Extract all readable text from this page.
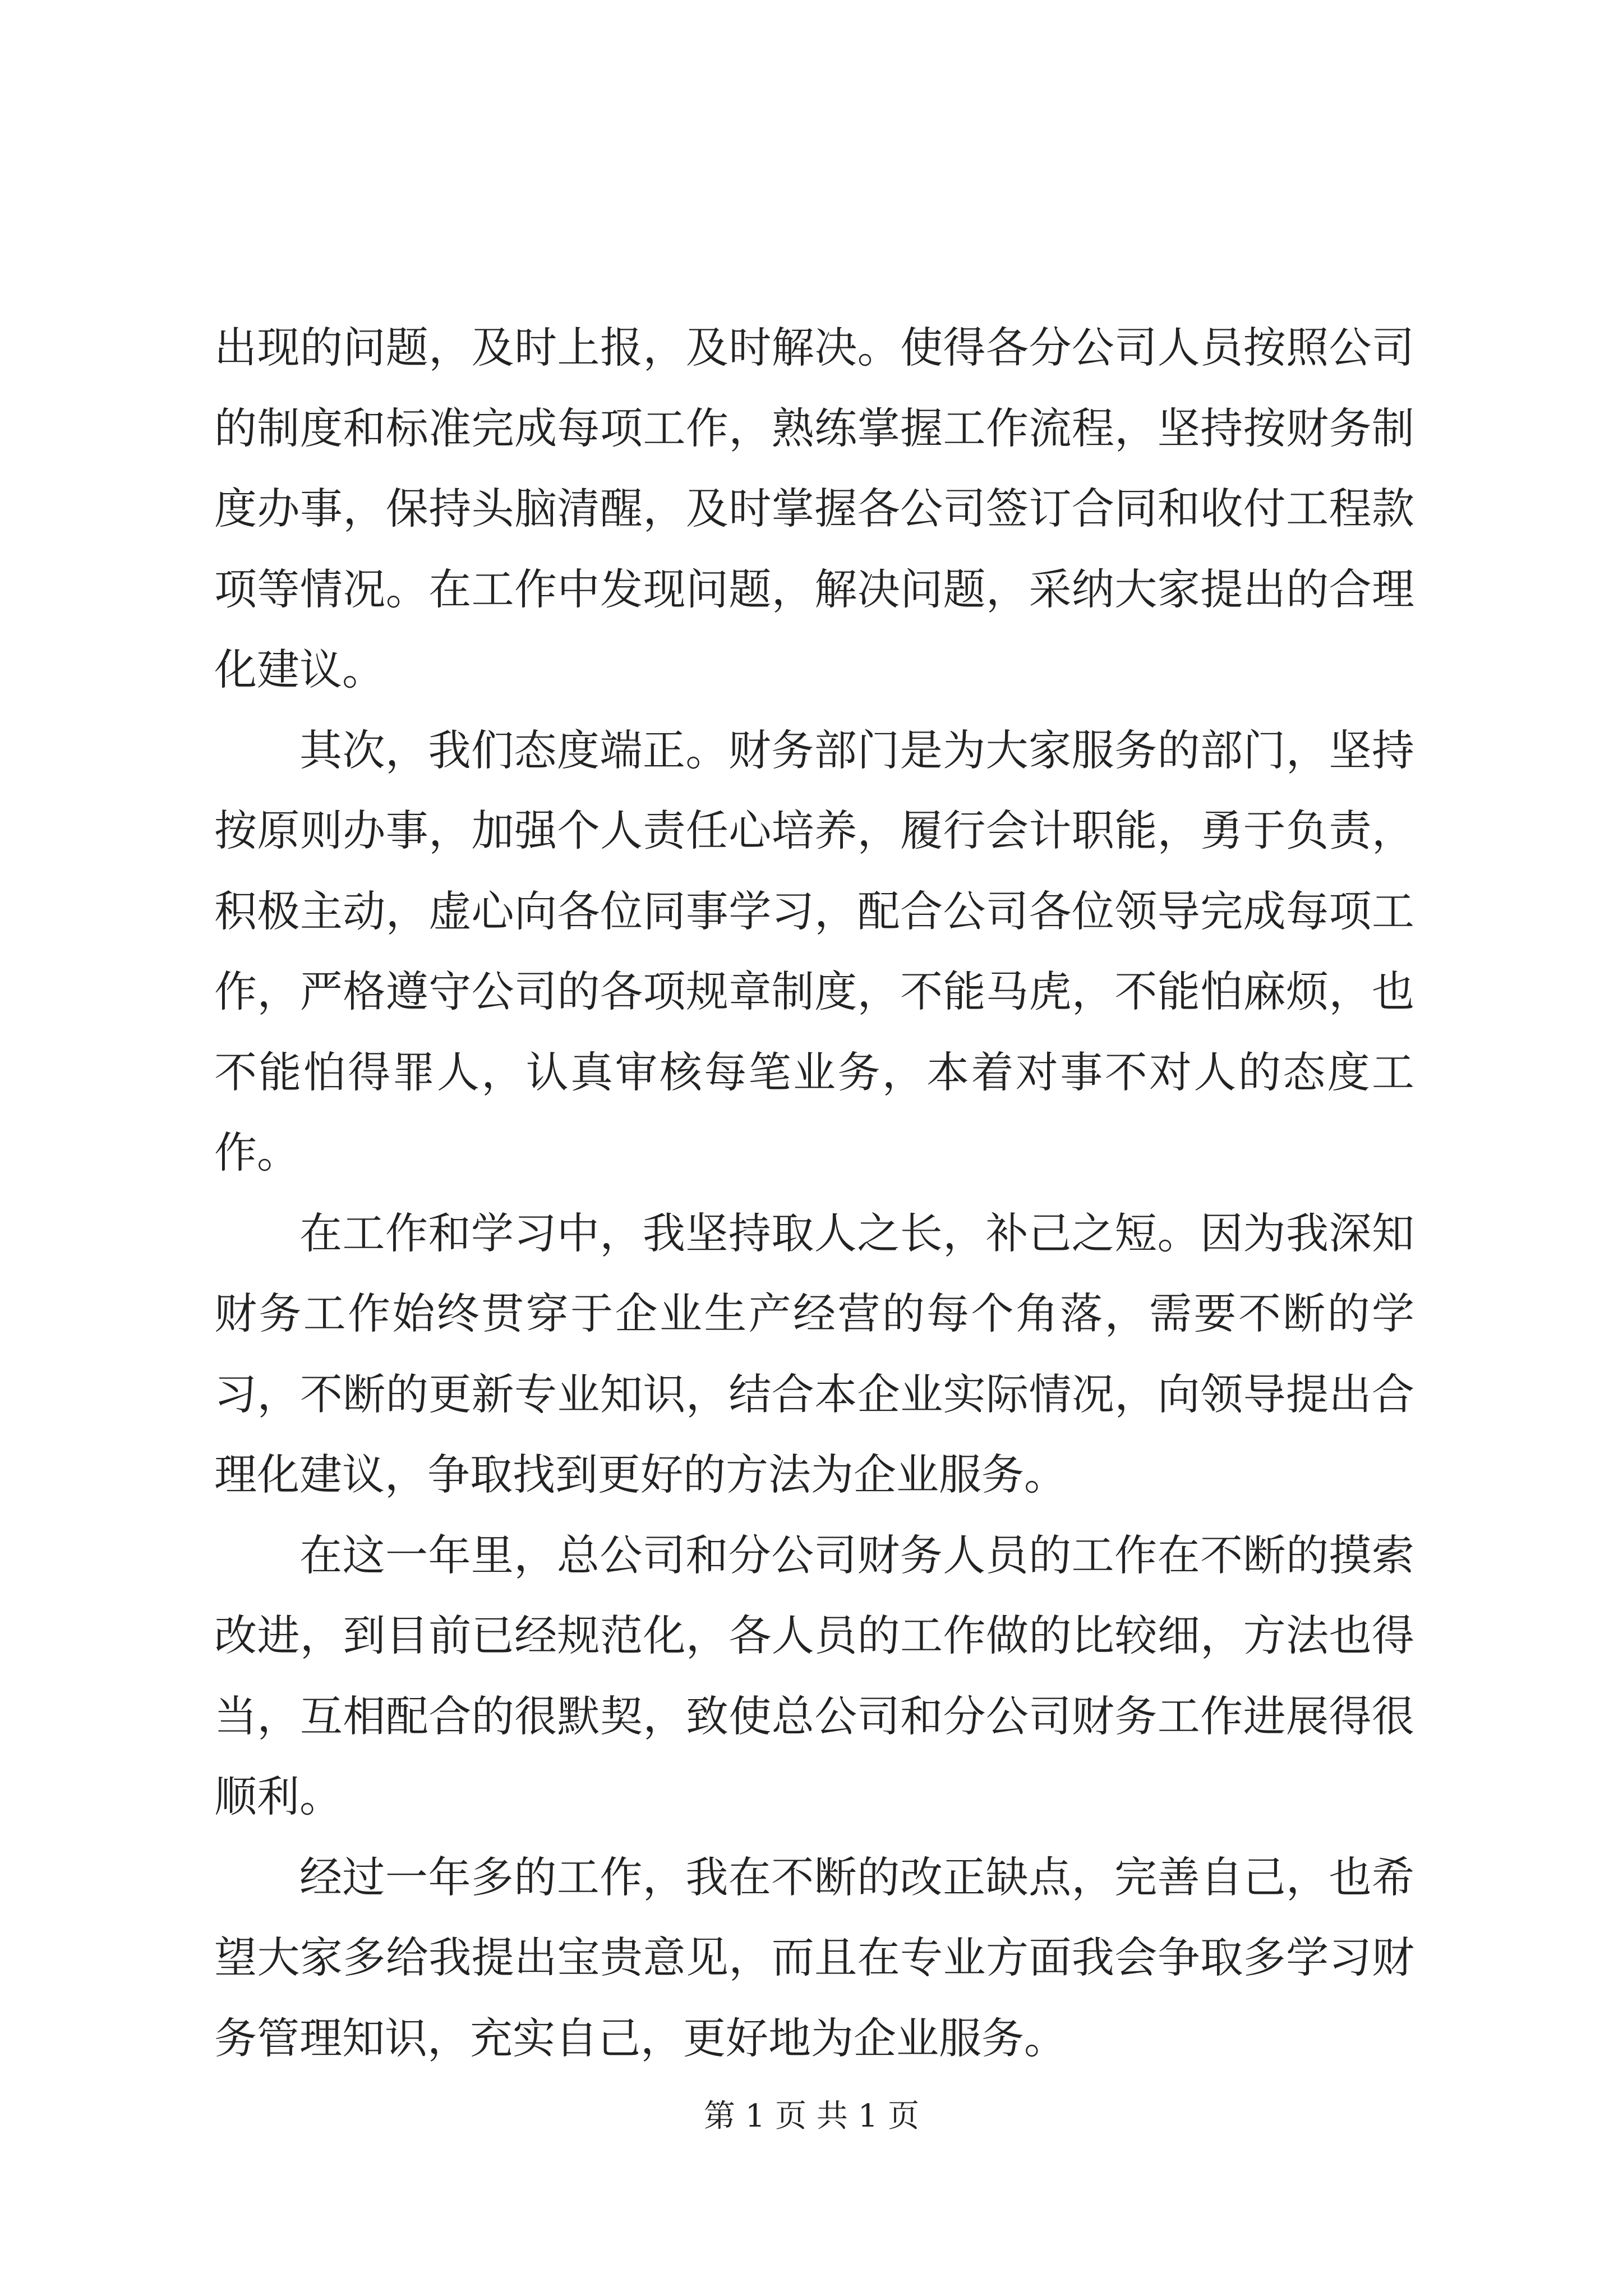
出现的问题，及时上报，及时解决。使得各分公司人员按照公司的制度和标准完成每项工作，熟练掌握工作流程，坚持按财务制度办事，保持头脑清醒，及时掌握各公司签订合同和收付工程款项等情况。在工作中发现问题，解决问题，采纳大家提出的合理化建议。

其次，我们态度端正。财务部门是为大家服务的部门，坚持按原则办事，加强个人责任心培养，履行会计职能，勇于负责，积极主动，虚心向各位同事学习，配合公司各位领导完成每项工作，严格遵守公司的各项规章制度，不能马虎，不能怕麻烦，也不能怕得罪人，认真审核每笔业务，本着对事不对人的态度工作。

在工作和学习中，我坚持取人之长，补己之短。因为我深知财务工作始终贯穿于企业生产经营的每个角落，需要不断的学习，不断的更新专业知识，结合本企业实际情况，向领导提出合理化建议，争取找到更好的方法为企业服务。

在这一年里，总公司和分公司财务人员的工作在不断的摸索改进，到目前已经规范化，各人员的工作做的比较细，方法也得当，互相配合的很默契，致使总公司和分公司财务工作进展得很顺利。

经过一年多的工作，我在不断的改正缺点，完善自己，也希望大家多给我提出宝贵意见，而且在专业方面我会争取多学习财务管理知识，充实自己，更好地为企业服务。

第 1 页 共 1 页
